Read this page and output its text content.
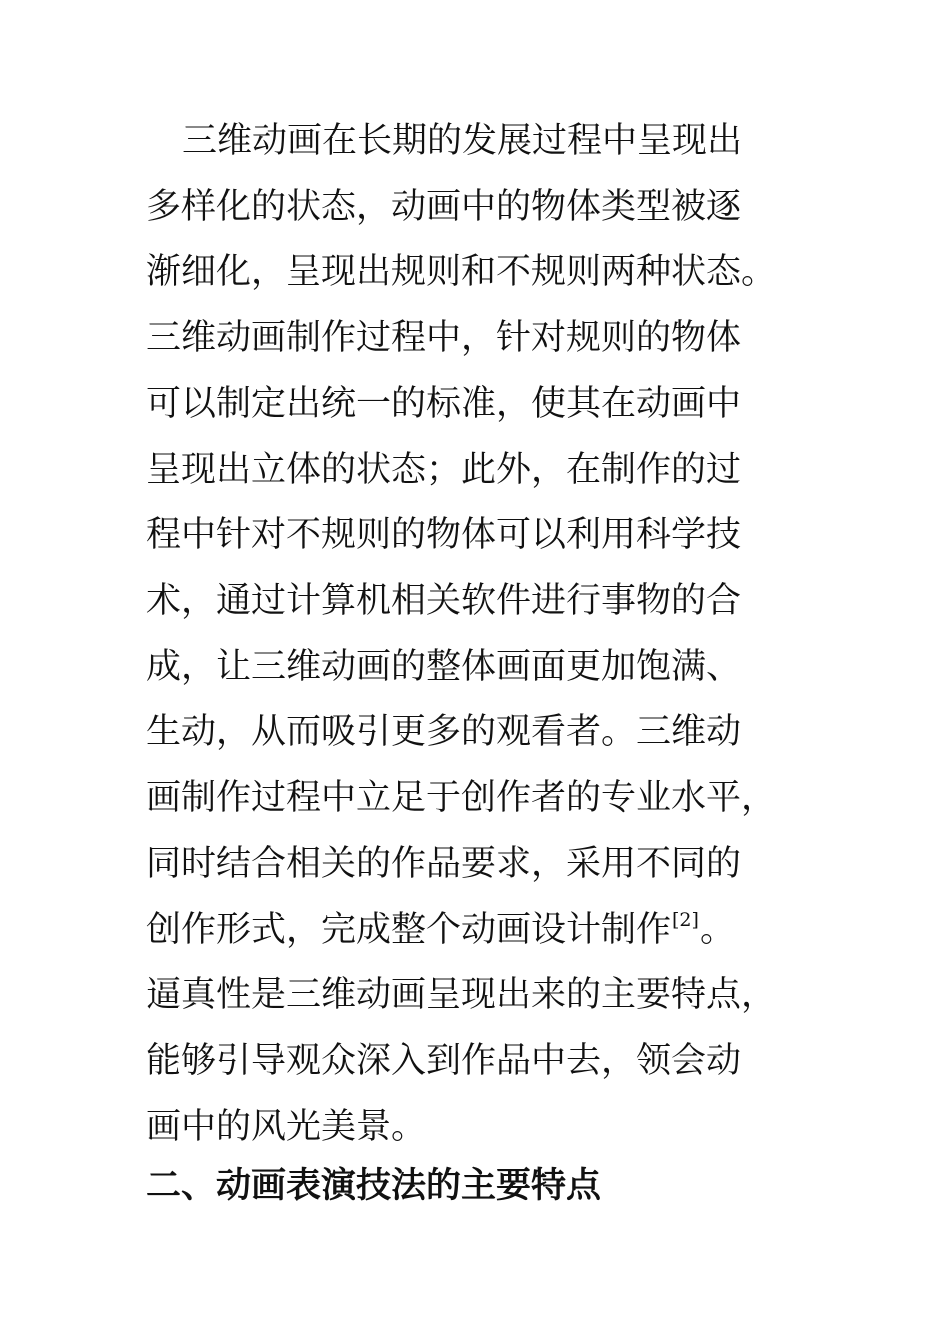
三维动画在长期的发展过程中呈现出
多样化的状态，动画中的物体类型被逐
渐细化，呈现出规则和不规则两种状态。
三维动画制作过程中，针对规则的物体
可以制定出统一的标准，使其在动画中
呈现出立体的状态；此外，在制作的过
程中针对不规则的物体可以利用科学技
术，通过计算机相关软件进行事物的合
成，让三维动画的整体画面更加饱满、
生动，从而吸引更多的观看者。三维动
画制作过程中立足于创作者的专业水平，
同时结合相关的作品要求，采用不同的
创作形式，完成整个动画设计制作[2]。
逼真性是三维动画呈现出来的主要特点，
能够引导观众深入到作品中去，领会动
画中的风光美景。
二、动画表演技法的主要特点
